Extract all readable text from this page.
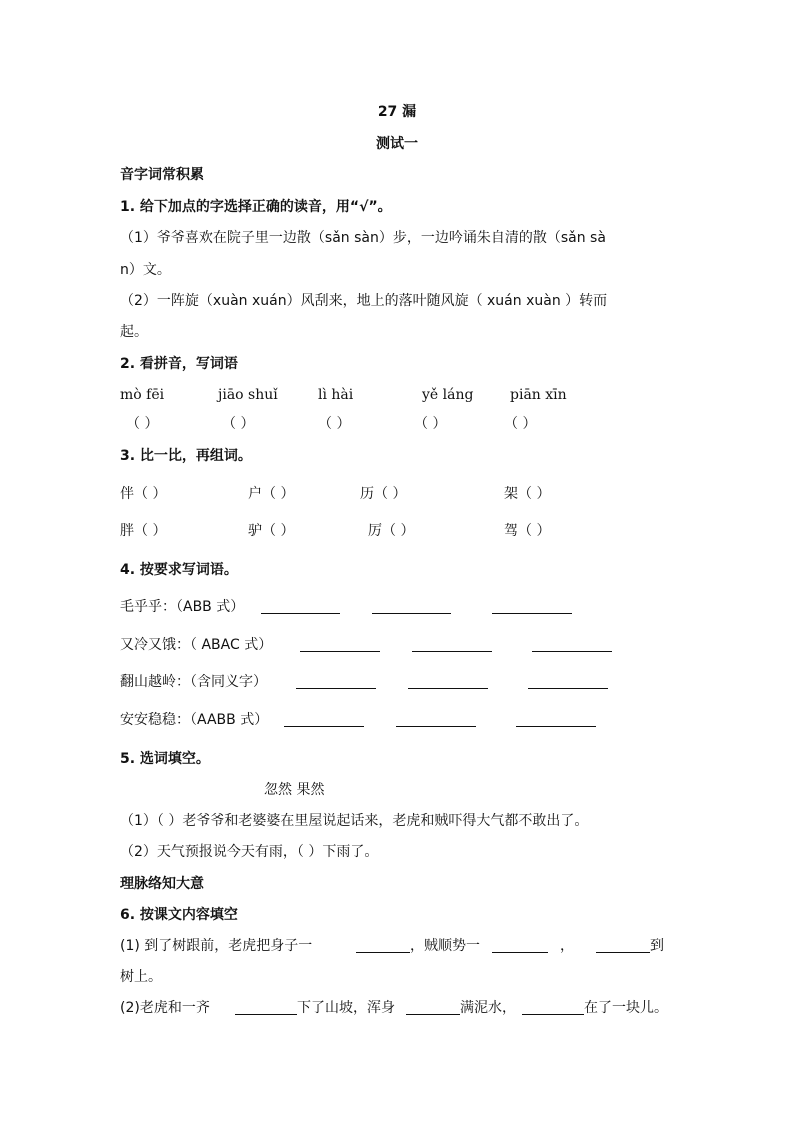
27 漏
测试一
音字词常积累
1. 给下加点的字选择正确的读音，用“√”。
（1）爷爷喜欢在院子里一边散（sǎn sàn）步，一边吟诵朱自清的散（sǎn sà
n）文。
（2）一阵旋（xuàn xuán）风刮来，地上的落叶随风旋（ xuán xuàn ）转而
起。
2. 看拼音，写词语
mò fēi	jiāo shuǐ	lì hài	yě láng	piān xīn
（ ）	（ ）	（ ）	（ ）	（ ）
3. 比一比，再组词。
伴（ ）	户（ ）	历（ ）	架（ ）
胖（ ）	驴（ ）	厉（ ）	驾（ ）
4. 按要求写词语。
毛乎乎：（ABB 式）
又冷又饿：（ ABAC 式）
翻山越岭：（含同义字）
安安稳稳：（AABB 式）
5. 选词填空。
忽然 果然
（1）（ ）老爷爷和老婆婆在里屋说起话来，老虎和贼吓得大气都不敢出了。
（2）天气预报说今天有雨，（ ）下雨了。
理脉络知大意
6. 按课文内容填空
(1) 到了树跟前，老虎把身子一	，贼顺势一	，	到
树上。
(2)老虎和一齐	下了山坡，浑身	满泥水，	在了一块儿。
